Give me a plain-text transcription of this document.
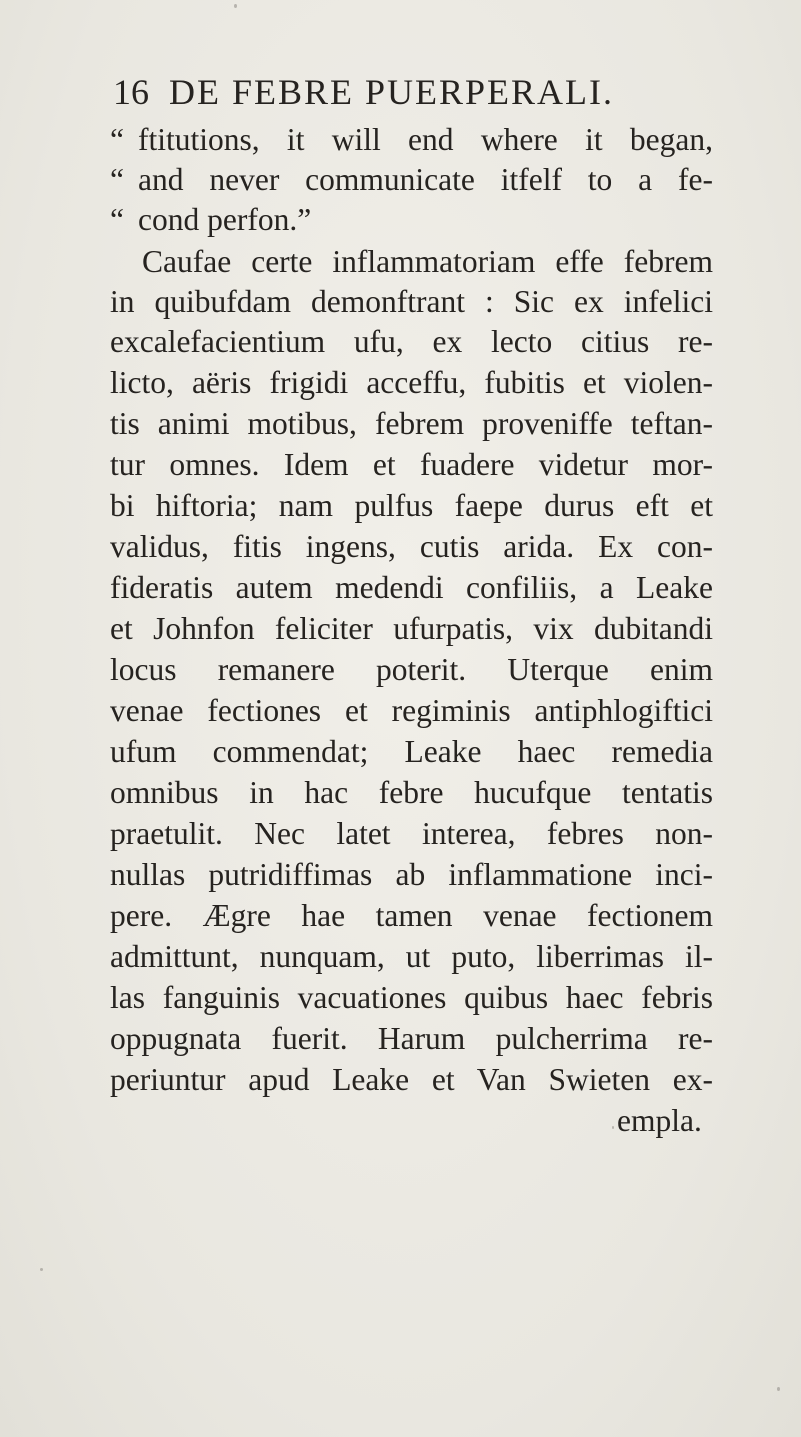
16 DE FEBRE PUERPERALI.
“ ftitutions, it will end where it began,
“ and never communicate itfelf to a fe-
“ cond perfon.”
Caufae certe inflammatoriam effe febrem
in quibufdam demonftrant : Sic ex infelici
excalefacientium ufu, ex lecto citius re-
licto, aëris frigidi acceffu, fubitis et violen-
tis animi motibus, febrem proveniffe teftan-
tur omnes. Idem et fuadere videtur mor-
bi hiftoria; nam pulfus faepe durus eft et
validus, fitis ingens, cutis arida. Ex con-
fideratis autem medendi confiliis, a Leake
et Johnfon feliciter ufurpatis, vix dubitandi
locus remanere poterit. Uterque enim
venae fectiones et regiminis antiphlogiftici
ufum commendat; Leake haec remedia
omnibus in hac febre hucufque tentatis
praetulit. Nec latet interea, febres non-
nullas putridiffimas ab inflammatione inci-
pere. Ægre hae tamen venae fectionem
admittunt, nunquam, ut puto, liberrimas il-
las fanguinis vacuationes quibus haec febris
oppugnata fuerit. Harum pulcherrima re-
periuntur apud Leake et Van Swieten ex-
empla.
